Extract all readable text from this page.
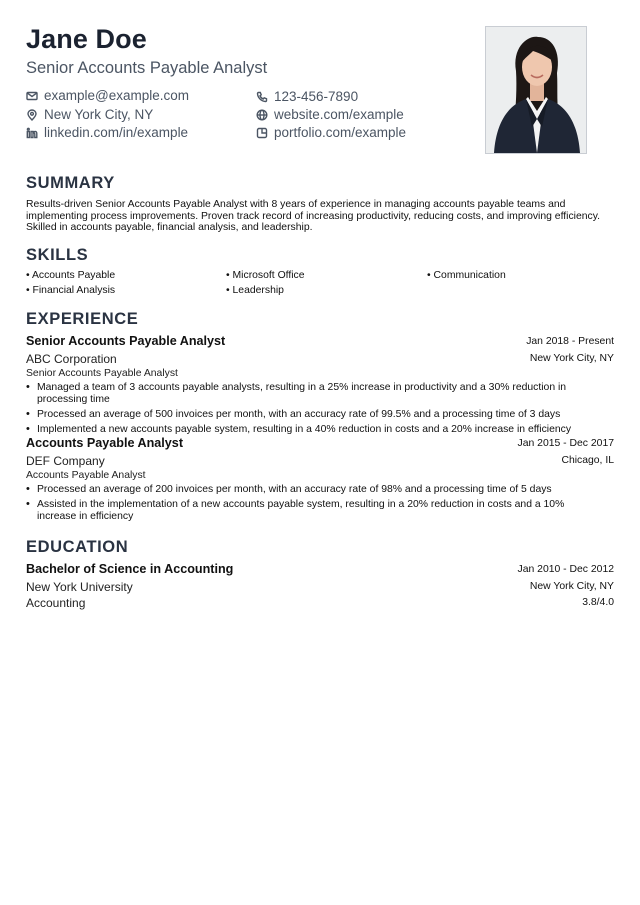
Jane Doe
Senior Accounts Payable Analyst
example@example.com	123-456-7890
New York City, NY	website.com/example
linkedin.com/in/example	portfolio.com/example
SUMMARY
Results-driven Senior Accounts Payable Analyst with 8 years of experience in managing accounts payable teams and implementing process improvements. Proven track record of increasing productivity, reducing costs, and improving efficiency. Skilled in accounts payable, financial analysis, and leadership.
SKILLS
• Accounts Payable	• Microsoft Office	• Communication
• Financial Analysis	• Leadership
EXPERIENCE
Senior Accounts Payable Analyst	Jan 2018 - Present
ABC Corporation	New York City, NY
Senior Accounts Payable Analyst
• Managed a team of 3 accounts payable analysts, resulting in a 25% increase in productivity and a 30% reduction in processing time
• Processed an average of 500 invoices per month, with an accuracy rate of 99.5% and a processing time of 3 days
• Implemented a new accounts payable system, resulting in a 40% reduction in costs and a 20% increase in efficiency
Accounts Payable Analyst	Jan 2015 - Dec 2017
DEF Company	Chicago, IL
Accounts Payable Analyst
• Processed an average of 200 invoices per month, with an accuracy rate of 98% and a processing time of 5 days
• Assisted in the implementation of a new accounts payable system, resulting in a 20% reduction in costs and a 10% increase in efficiency
EDUCATION
Bachelor of Science in Accounting	Jan 2010 - Dec 2012
New York University	New York City, NY
Accounting	3.8/4.0
